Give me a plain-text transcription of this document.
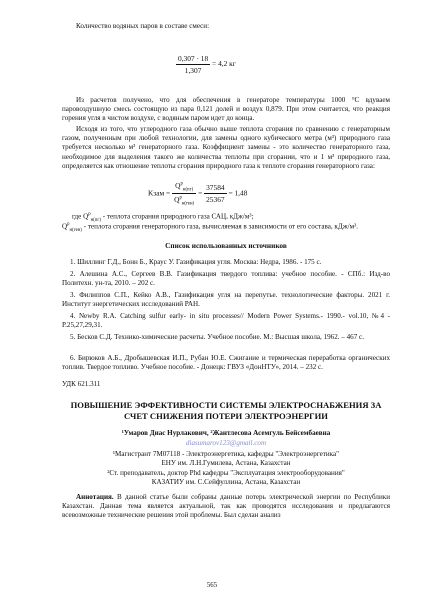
Количество водяных паров в составе смеси:

$\frac{0,307 \cdot 18}{1,307} = 4,2$ кг

Из расчетов получено, что для обеспечения в генераторе температуры 1000 °С вдуваем паровоздушную смесь состоящую из пара 0,121 долей и воздух 0,879. При этом считается, что реакция горения угля в чистом воздухе, с водяным паром идет до конца.

Исходя из того, что углеродного газа обычно выше теплота сгорания по сравнению с генераторным газом, полученным при любой технологии, для замены одного кубического метра (м³) природного газа требуется несколько м³ генераторного газа. Коэффициент замены - это количество генераторного газа, необходимое для выделения такого же количества теплоты при сгорании, что и 1 м³ природного газа, определяется как отношение теплоты сгорания природного газа к теплоте сгорания генераторного газа:

Kзам = $\frac{Q^р_{н(пг)}}{Q^р_{н(ген)}} = \frac{37584}{25367} = 1,48$

где $Q^р_{н(пг)}$ - теплота сгорания природного газа САЦ, кДж/м³;

$Q^р_{н(ген)}$ - теплота сгорания генераторного газа, вычисляемая в зависимости от его состава, кДж/м³.

Список использованных источников

1. Шиллинг Г.Д., Бонн Б., Краус У. Газификация угля. Москва: Недра, 1986. - 175 с.

2. Алешина А.С., Сергеев В.В. Газификация твердого топлива: учебное пособие. - СПб.: Изд-во Политехн. ун-та, 2010. – 202 с.

3. Филиппов С.П., Кейко А.В., Газификация угля на перепутье. технологические факторы. 2021 г. Институт энергетических исследований РАН.

4. Newby R.A. Catching sulfur early- in situ processes// Modern Power Systems.- 1990.- vol.10, №4 - P.25,27,29,31.

5. Бесков С.Д. Технико-химические расчеты. Учебное пособие. М.: Высшая школа, 1962. – 467 с.

6. Бирюков А.Б., Дробышевская И.П., Рубан Ю.Е. Сжигание и термическая переработка органических топлив. Твердое топливо. Учебное пособие. - Донецк: ГВУЗ «ДонНТУ», 2014. – 232 с.

УДК 621.311
ПОВЫШЕНИЕ ЭФФЕКТИВНОСТИ СИСТЕМЫ ЭЛЕКТРОСНАБЖЕНИЯ ЗА СЧЕТ СНИЖЕНИЯ ПОТЕРИ ЭЛЕКТРОЭНЕРГИИ
¹Умаров Диас Нурлакович, ²Жантлесова Асемгуль Бейсембаевна
diasumarov123@gmail.com
¹Магистрант 7М07118 - Электроэнергетика, кафедры "Электроэнергетика"
ЕНУ им. Л.Н.Гумилева, Астана, Казахстан
²Ст. преподаватель, доктор Phd кафедры "Эксплуатация электрооборудования"
КАЗАТИУ им. С.Сейфуллина, Астана, Казахстан

Аннотация. В данной статье были собраны данные потерь электрической энергии по Республики Казахстан. Данная тема является актуальной, так как проводятся исследования и предлагаются всевозможные технические решения этой проблемы. Был сделан анализ

565
